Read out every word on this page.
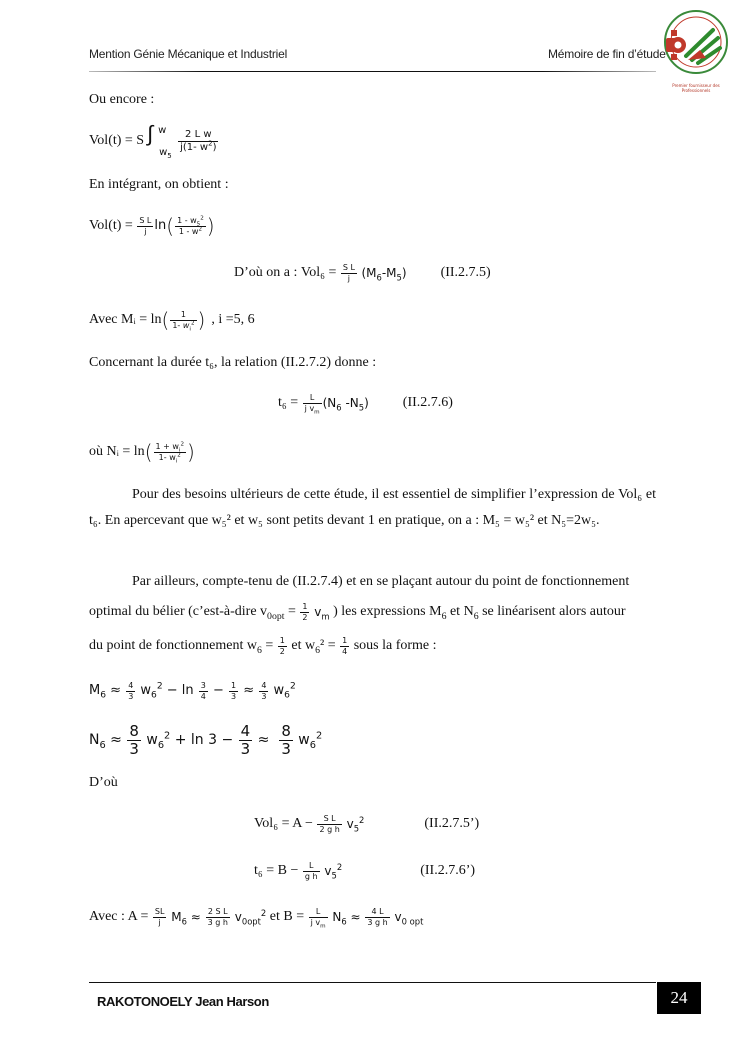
Mention Génie Mécanique et Industriel	Mémoire de fin d’étude
Premier fournisseur des Professionnels
Ou encore :
Vol(t) = S ∫ w
$w_5$
$\frac{\text{2 L w}}{j(1- w^2)}$
En intégrant, on obtient :
Vol(t) =
$\frac{\text{S L}}{j}$ ln ( $\frac{1 - w_5^2}{1 - w^2}$ )
D’où on a :
Vol₆ =
$\frac{\text{S L}}{j}$
$(M_6-M_5)$ (II.2.7.5)
Avec Mᵢ = ln ( $\frac{1}{1- w_i^2}$ ) , i =5, 6
Concernant la durée t₆, la relation (II.2.7.2) donne :
t₆ =
$\frac{L}{j v_m} (N_6$ $-N_5$) (II.2.7.6)
où Nᵢ = ln ( $\frac{1 + w_i^2}{1- w_i^2}$ )
Pour des besoins ultérieurs de cette étude, il est essentiel de simplifier l’expression de Vol₆ et t₆. En apercevant que w₅² et w₅ sont petits devant 1 en pratique, on a : M₅ = w₅² et N₅=2w₅.
Par ailleurs, compte-tenu de (II.2.7.4) et en se plaçant autour du point de fonctionnement
optimal du bélier (c’est-à-dire $v_{0opt} = \frac{1}{2} v_m$ ) les expressions $M_6$ et $N_6$ se linéarisent alors autour
du point de fonctionnement $w_6 = \frac{1}{2}$ et $w_6^2 = \frac{1}{4}$ sous la forme :
$M_6 \approx \frac{4}{3} w_6^2 - \ln \frac{3}{4} - \frac{1}{3} \approx \frac{4}{3} w_6^2$
$N_6 \approx \frac{8}{3} w_6^2 + \ln 3 - \frac{4}{3} \approx \frac{8}{3} w_6^2$
D’où
Vol₆ = A −
$\frac{\text{S L}}{\text{2 g h}} v_5^2$	(II.2.7.5’)
t₆ = B −
$\frac{L}{\text{g h}} v_5^2$	(II.2.7.6’)
Avec : A =
$\frac{SL}{j} M_6 \approx \frac{\text{2 S L}}{\text{3 g h}} v_{0opt}^2$
et B =
$\frac{L}{j v_m} N_6 \approx \frac{4 L}{\text{3 g h}} v_{0 opt}$
RAKOTONOELY Jean Harson	24
